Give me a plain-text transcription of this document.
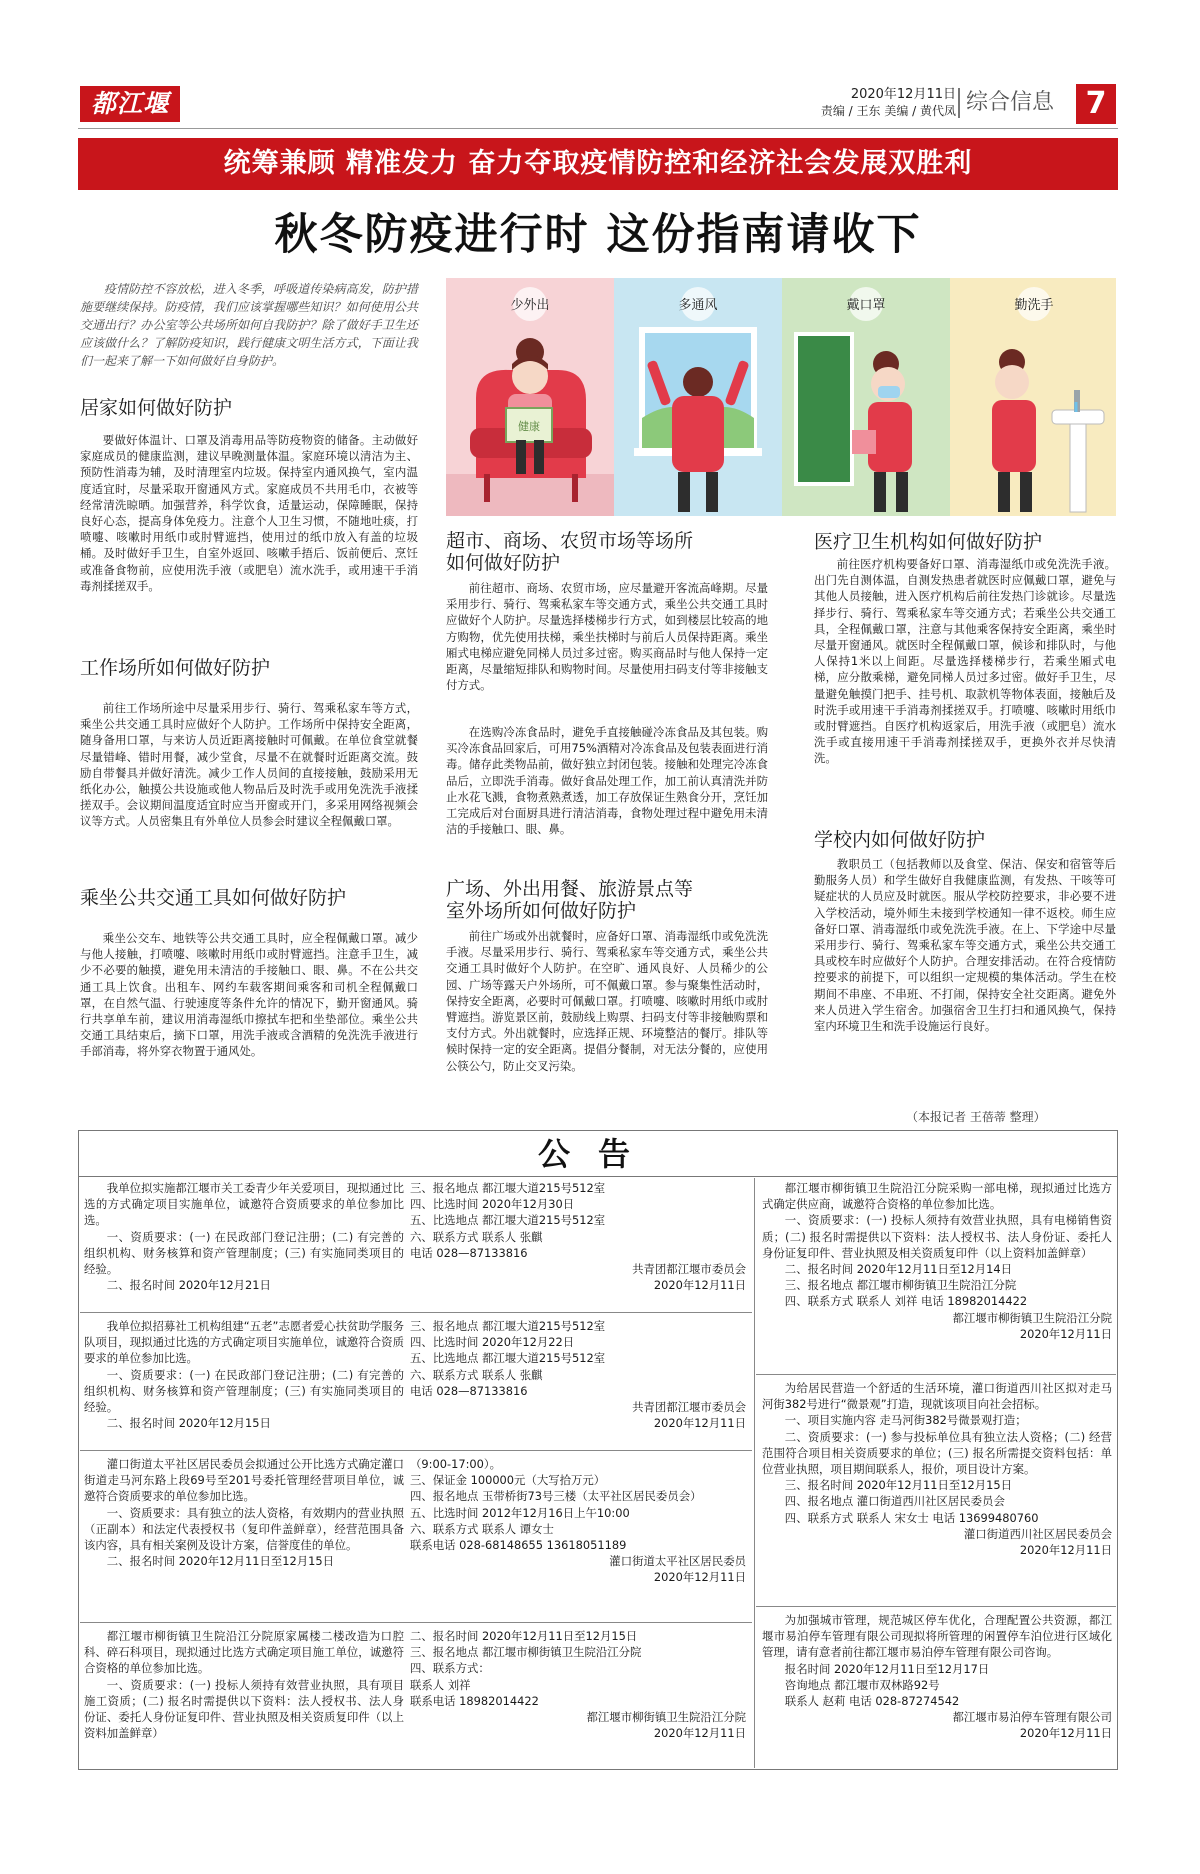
都江堰	2020年12月11日
责编 / 王东 美编 / 黄代凤 综合信息	7
统筹兼顾 精准发力 奋力夺取疫情防控和经济社会发展双胜利
秋冬防疫进行时 这份指南请收下

疫情防控不容放松，进入冬季，呼吸道传染病高发，防护措施要继续保持。防疫情，我们应该掌握哪些知识？如何使用公共交通出行？办公室等公共场所如何自我防护？除了做好手卫生还应该做什么？了解防疫知识，践行健康文明生活方式，下面让我们一起来了解一下如何做好自身防护。

居家如何做好防护

要做好体温计、口罩及消毒用品等防疫物资的储备。主动做好家庭成员的健康监测，建议早晚测量体温。家庭环境以清洁为主、预防性消毒为辅，及时清理室内垃圾。保持室内通风换气，室内温度适宜时，尽量采取开窗通风方式。家庭成员不共用毛巾，衣被等经常清洗晾晒。加强营养，科学饮食，适量运动，保障睡眠，保持良好心态，提高身体免疫力。注意个人卫生习惯，不随地吐痰，打喷嚏、咳嗽时用纸巾或肘臂遮挡，使用过的纸巾放入有盖的垃圾桶。及时做好手卫生，自室外返回、咳嗽手捂后、饭前便后、烹饪或准备食物前，应使用洗手液（或肥皂）流水洗手，或用速干手消毒剂揉搓双手。

工作场所如何做好防护

前往工作场所途中尽量采用步行、骑行、驾乘私家车等方式，乘坐公共交通工具时应做好个人防护。工作场所中保持安全距离，随身备用口罩，与来访人员近距离接触时可佩戴。在单位食堂就餐尽量错峰、错时用餐，减少堂食，尽量不在就餐时近距离交流。鼓励自带餐具并做好清洗。减少工作人员间的直接接触，鼓励采用无纸化办公，触摸公共设施或他人物品后及时洗手或用免洗洗手液揉搓双手。会议期间温度适宜时应当开窗或开门，多采用网络视频会议等方式。人员密集且有外单位人员参会时建议全程佩戴口罩。

乘坐公共交通工具如何做好防护

乘坐公交车、地铁等公共交通工具时，应全程佩戴口罩。减少与他人接触，打喷嚏、咳嗽时用纸巾或肘臂遮挡。注意手卫生，减少不必要的触摸，避免用未清洁的手接触口、眼、鼻。不在公共交通工具上饮食。出租车、网约车载客期间乘客和司机全程佩戴口罩，在自然气温、行驶速度等条件允许的情况下，勤开窗通风。骑行共享单车前，建议用消毒湿纸巾擦拭车把和坐垫部位。乘坐公共交通工具结束后，摘下口罩，用洗手液或含酒精的免洗洗手液进行手部消毒，将外穿衣物置于通风处。

少外出
健康
多通风	戴口罩	勤洗手
超市、商场、农贸市场等场所
如何做好防护

前往超市、商场、农贸市场，应尽量避开客流高峰期。尽量采用步行、骑行、驾乘私家车等交通方式，乘坐公共交通工具时应做好个人防护。尽量选择楼梯步行方式，如到楼层比较高的地方购物，优先使用扶梯，乘坐扶梯时与前后人员保持距离。乘坐厢式电梯应避免同梯人员过多过密。购买商品时与他人保持一定距离，尽量缩短排队和购物时间。尽量使用扫码支付等非接触支付方式。

在选购冷冻食品时，避免手直接触碰冷冻食品及其包装。购买冷冻食品回家后，可用75%酒精对冷冻食品及包装表面进行消毒。储存此类物品前，做好独立封闭包装。接触和处理完冷冻食品后，立即洗手消毒。做好食品处理工作，加工前认真清洗并防止水花飞溅，食物煮熟煮透，加工存放保证生熟食分开，烹饪加工完成后对台面厨具进行清洁消毒，食物处理过程中避免用未清洁的手接触口、眼、鼻。

广场、外出用餐、旅游景点等
室外场所如何做好防护

前往广场或外出就餐时，应备好口罩、消毒湿纸巾或免洗洗手液。尽量采用步行、骑行、驾乘私家车等交通方式，乘坐公共交通工具时做好个人防护。在空旷、通风良好、人员稀少的公园、广场等露天户外场所，可不佩戴口罩。参与聚集性活动时，保持安全距离，必要时可佩戴口罩。打喷嚏、咳嗽时用纸巾或肘臂遮挡。游览景区前，鼓励线上购票、扫码支付等非接触购票和支付方式。外出就餐时，应选择正规、环境整洁的餐厅。排队等候时保持一定的安全距离。提倡分餐制，对无法分餐的，应使用公筷公勺，防止交叉污染。

医疗卫生机构如何做好防护

前往医疗机构要备好口罩、消毒湿纸巾或免洗洗手液。出门先自测体温，自测发热患者就医时应佩戴口罩，避免与其他人员接触，进入医疗机构后前往发热门诊就诊。尽量选择步行、骑行、驾乘私家车等交通方式；若乘坐公共交通工具，全程佩戴口罩，注意与其他乘客保持安全距离，乘坐时尽量开窗通风。就医时全程佩戴口罩，候诊和排队时，与他人保持1米以上间距。尽量选择楼梯步行，若乘坐厢式电梯，应分散乘梯，避免同梯人员过多过密。做好手卫生，尽量避免触摸门把手、挂号机、取款机等物体表面，接触后及时洗手或用速干手消毒剂揉搓双手。打喷嚏、咳嗽时用纸巾或肘臂遮挡。自医疗机构返家后，用洗手液（或肥皂）流水洗手或直接用速干手消毒剂揉搓双手，更换外衣并尽快清洗。

学校内如何做好防护

教职员工（包括教师以及食堂、保洁、保安和宿管等后勤服务人员）和学生做好自我健康监测，有发热、干咳等可疑症状的人员应及时就医。服从学校防控要求，非必要不进入学校活动，境外师生未接到学校通知一律不返校。师生应备好口罩、消毒湿纸巾或免洗洗手液。在上、下学途中尽量采用步行、骑行、驾乘私家车等交通方式，乘坐公共交通工具或校车时应做好个人防护。合理安排活动。在符合疫情防控要求的前提下，可以组织一定规模的集体活动。学生在校期间不串座、不串班、不打闹，保持安全社交距离。避免外来人员进入学生宿舍。加强宿舍卫生打扫和通风换气，保持室内环境卫生和洗手设施运行良好。

（本报记者 王蓓蒂 整理）
公告

我单位拟实施都江堰市关工委青少年关爱项目，现拟通过比选的方式确定项目实施单位，诚邀符合资质要求的单位参加比选。

一、资质要求：(一) 在民政部门登记注册；(二) 有完善的组织机构、财务核算和资产管理制度；(三) 有实施同类项目的经验。

二、报名时间 2020年12月21日

三、报名地点 都江堰大道215号512室

四、比选时间 2020年12月30日

五、比选地点 都江堰大道215号512室

六、联系方式 联系人 张麒

电话 028—87133816

共青团都江堰市委员会

2020年12月11日

我单位拟招募社工机构组建“五老”志愿者爱心扶贫助学服务队项目，现拟通过比选的方式确定项目实施单位，诚邀符合资质要求的单位参加比选。

一、资质要求：(一) 在民政部门登记注册；(二) 有完善的组织机构、财务核算和资产管理制度；(三) 有实施同类项目的经验。

二、报名时间 2020年12月15日

三、报名地点 都江堰大道215号512室

四、比选时间 2020年12月22日

五、比选地点 都江堰大道215号512室

六、联系方式 联系人 张麒

电话 028—87133816

共青团都江堰市委员会

2020年12月11日

灌口街道太平社区居民委员会拟通过公开比选方式确定灌口街道走马河东路上段69号至201号委托管理经营项目单位，诚邀符合资质要求的单位参加比选。

一、资质要求：具有独立的法人资格，有效期内的营业执照（正副本）和法定代表授权书（复印件盖鲜章），经营范围具备该内容，具有相关案例及设计方案，信誉度佳的单位。

二、报名时间 2020年12月11日至12月15日

（9:00-17:00）。

三、保证金 100000元（大写拾万元）

四、报名地点 玉带桥街73号三楼（太平社区居民委员会）

五、比选时间 2012年12月16日上午10:00

六、联系方式 联系人 谭女士

联系电话 028-68148655 13618051189

灌口街道太平社区居民委员

2020年12月11日

都江堰市柳街镇卫生院沿江分院原家属楼二楼改造为口腔科、碎石科项目，现拟通过比选方式确定项目施工单位，诚邀符合资格的单位参加比选。

一、资质要求：(一) 投标人须持有效营业执照，具有项目施工资质；(二) 报名时需提供以下资料：法人授权书、法人身份证、委托人身份证复印件、营业执照及相关资质复印件（以上资料加盖鲜章）

二、报名时间 2020年12月11日至12月15日

三、报名地点 都江堰市柳街镇卫生院沿江分院

四、联系方式：

联系人 刘祥

联系电话 18982014422

都江堰市柳街镇卫生院沿江分院

2020年12月11日

都江堰市柳街镇卫生院沿江分院采购一部电梯，现拟通过比选方式确定供应商，诚邀符合资格的单位参加比选。

一、资质要求：(一) 投标人须持有效营业执照，具有电梯销售资质；(二) 报名时需提供以下资料：法人授权书、法人身份证、委托人身份证复印件、营业执照及相关资质复印件（以上资料加盖鲜章）

二、报名时间 2020年12月11日至12月14日

三、报名地点 都江堰市柳街镇卫生院沿江分院

四、联系方式 联系人 刘祥 电话 18982014422

都江堰市柳街镇卫生院沿江分院

2020年12月11日

为给居民营造一个舒适的生活环境，灌口街道西川社区拟对走马河街382号进行“微景观”打造，现就该项目向社会招标。

一、项目实施内容 走马河街382号微景观打造；

二、资质要求：(一) 参与投标单位具有独立法人资格；(二) 经营范围符合项目相关资质要求的单位；(三) 报名所需提交资料包括：单位营业执照，项目期间联系人，报价，项目设计方案。

三、报名时间 2020年12月11日至12月15日

四、报名地点 灌口街道西川社区居民委员会

四、联系方式 联系人 宋女士 电话 13699480760

灌口街道西川社区居民委员会

2020年12月11日

为加强城市管理，规范城区停车优化，合理配置公共资源，都江堰市易泊停车管理有限公司现拟将所管理的闲置停车泊位进行区域化管理，请有意者前往都江堰市易泊停车管理有限公司咨询。

报名时间 2020年12月11日至12月17日

咨询地点 都江堰市双林路92号

联系人 赵莉 电话 028-87274542

都江堰市易泊停车管理有限公司

2020年12月11日
